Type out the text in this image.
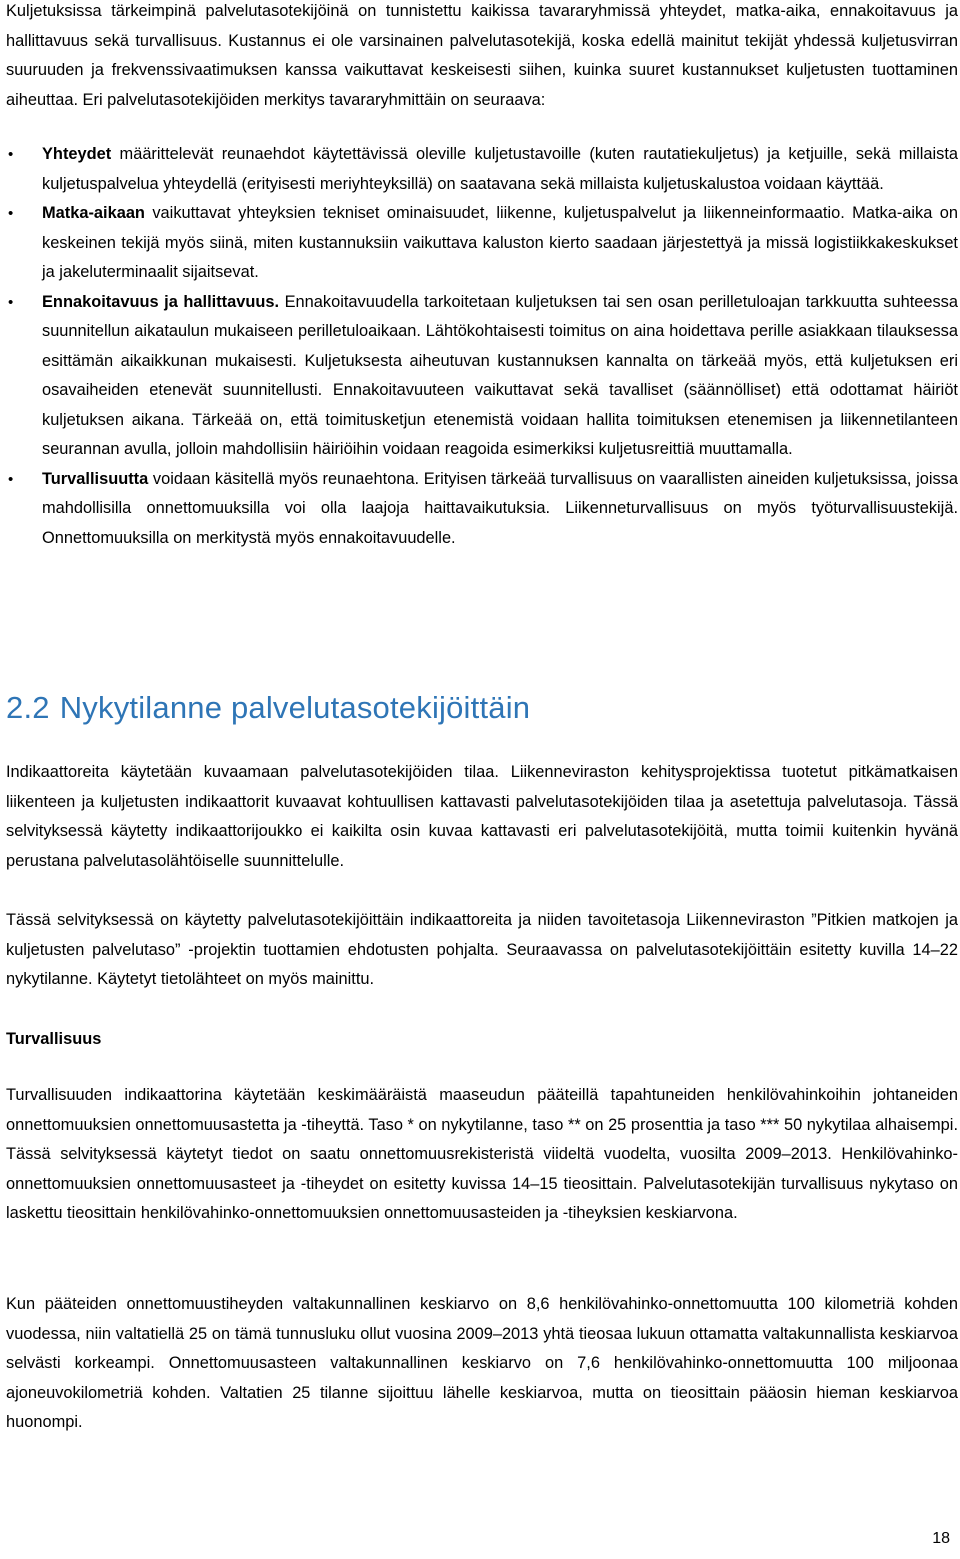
Kuljetuksissa tärkeimpinä palvelutasotekijöinä on tunnistettu kaikissa tavararyhmissä yhteydet, matka-aika, ennakoitavuus ja hallittavuus sekä turvallisuus. Kustannus ei ole varsinainen palvelutasotekijä, koska edellä mainitut tekijät yhdessä kuljetusvirran suuruuden ja frekvenssivaatimuksen kanssa vaikuttavat keskeisesti siihen, kuinka suuret kustannukset kuljetusten tuottaminen aiheuttaa. Eri palvelutasotekijöiden merkitys tavararyhmittäin on seuraava:

• Yhteydet määrittelevät reunaehdot käytettävissä oleville kuljetustavoille (kuten rautatiekuljetus) ja ketjuille, sekä millaista kuljetuspalvelua yhteydellä (erityisesti meriyhteyksillä) on saatavana sekä millaista kuljetuskalustoa voidaan käyttää.
• Matka-aikaan vaikuttavat yhteyksien tekniset ominaisuudet, liikenne, kuljetuspalvelut ja liikenneinformaatio. Matka-aika on keskeinen tekijä myös siinä, miten kustannuksiin vaikuttava kaluston kierto saadaan järjestettyä ja missä logistiikkakeskukset ja jakeluterminaalit sijaitsevat.
• Ennakoitavuus ja hallittavuus. Ennakoitavuudella tarkoitetaan kuljetuksen tai sen osan perilletuloajan tarkkuutta suhteessa suunnitellun aikataulun mukaiseen perilletuloaikaan. Lähtökohtaisesti toimitus on aina hoidettava perille asiakkaan tilauksessa esittämän aikaikkunan mukaisesti. Kuljetuksesta aiheutuvan kustannuksen kannalta on tärkeää myös, että kuljetuksen eri osavaiheiden etenevät suunnitellusti. Ennakoitavuuteen vaikuttavat sekä tavalliset (säännölliset) että odottamat häiriöt kuljetuksen aikana. Tärkeää on, että toimitusketjun etenemistä voidaan hallita toimituksen etenemisen ja liikennetilanteen seurannan avulla, jolloin mahdollisiin häiriöihin voidaan reagoida esimerkiksi kuljetusreittiä muuttamalla.
• Turvallisuutta voidaan käsitellä myös reunaehtona. Erityisen tärkeää turvallisuus on vaarallisten aineiden kuljetuksissa, joissa mahdollisilla onnettomuuksilla voi olla laajoja haittavaikutuksia. Liikenneturvallisuus on myös työturvallisuustekijä. Onnettomuuksilla on merkitystä myös ennakoitavuudelle.
2.2 Nykytilanne palvelutasotekijöittäin

Indikaattoreita käytetään kuvaamaan palvelutasotekijöiden tilaa. Liikenneviraston kehitysprojektissa tuotetut pitkämatkaisen liikenteen ja kuljetusten indikaattorit kuvaavat kohtuullisen kattavasti palvelutasotekijöiden tilaa ja asetettuja palvelutasoja. Tässä selvityksessä käytetty indikaattorijoukko ei kaikilta osin kuvaa kattavasti eri palvelutasotekijöitä, mutta toimii kuitenkin hyvänä perustana palvelutasolähtöiselle suunnittelulle.

Tässä selvityksessä on käytetty palvelutasotekijöittäin indikaattoreita ja niiden tavoitetasoja Liikenneviraston ”Pitkien matkojen ja kuljetusten palvelutaso” -projektin tuottamien ehdotusten pohjalta. Seuraavassa on palvelutasotekijöittäin esitetty kuvilla 14–22 nykytilanne. Käytetyt tietolähteet on myös mainittu.

Turvallisuus

Turvallisuuden indikaattorina käytetään keskimääräistä maaseudun pääteillä tapahtuneiden henkilövahinkoihin johtaneiden onnettomuuksien onnettomuusastetta ja -tiheyttä. Taso * on nykytilanne, taso ** on 25 prosenttia ja taso *** 50 nykytilaa alhaisempi. Tässä selvityksessä käytetyt tiedot on saatu onnettomuusrekisteristä viideltä vuodelta, vuosilta 2009–2013. Henkilövahinko-onnettomuuksien onnettomuusasteet ja -tiheydet on esitetty kuvissa 14–15 tieosittain. Palvelutasotekijän turvallisuus nykytaso on laskettu tieosittain henkilövahinko-onnettomuuksien onnettomuusasteiden ja -tiheyksien keskiarvona.

Kun pääteiden onnettomuustiheyden valtakunnallinen keskiarvo on 8,6 henkilövahinko-onnettomuutta 100 kilometriä kohden vuodessa, niin valtatiellä 25 on tämä tunnusluku ollut vuosina 2009–2013 yhtä tieosaa lukuun ottamatta valtakunnallista keskiarvoa selvästi korkeampi. Onnettomuusasteen valtakunnallinen keskiarvo on 7,6 henkilövahinko-onnettomuutta 100 miljoonaa ajoneuvokilometriä kohden. Valtatien 25 tilanne sijoittuu lähelle keskiarvoa, mutta on tieosittain pääosin hieman keskiarvoa huonompi.

18
